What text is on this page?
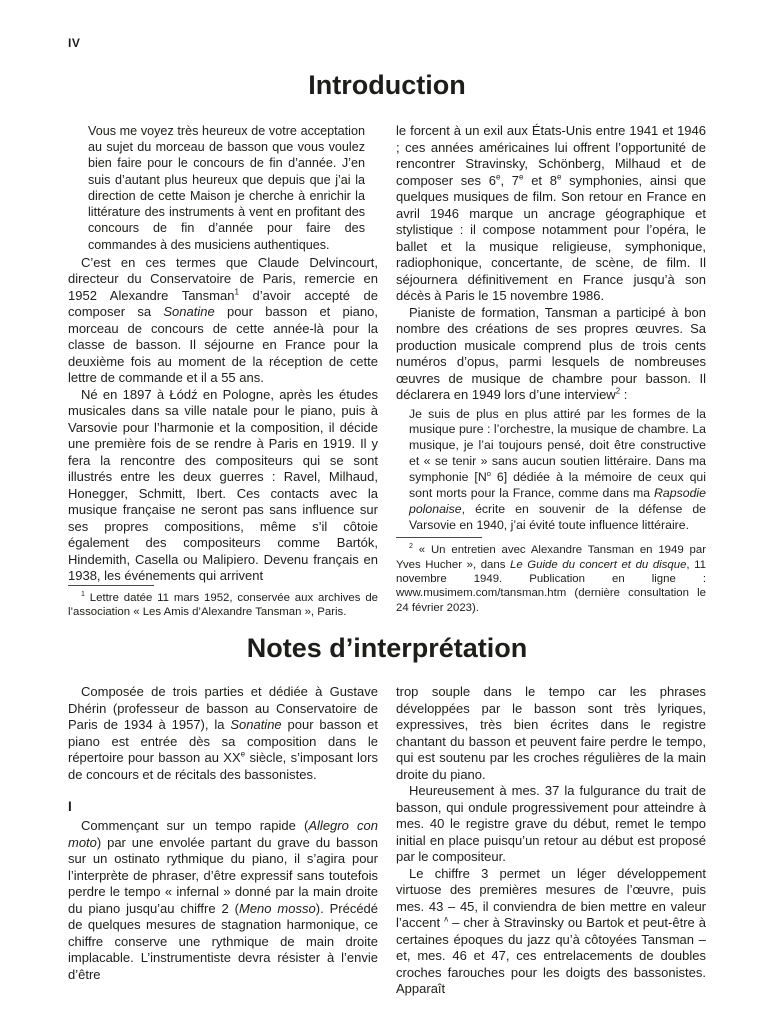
IV
Introduction
Vous me voyez très heureux de votre acceptation au sujet du morceau de basson que vous voulez bien faire pour le concours de fin d’année. J’en suis d’autant plus heureux que depuis que j’ai la direction de cette Maison je cherche à enrichir la littérature des instruments à vent en profitant des concours de fin d’année pour faire des commandes à des musiciens authentiques.

C’est en ces termes que Claude Delvincourt, directeur du Conservatoire de Paris, remercie en 1952 Alexandre Tansman$^1$ d’avoir accepté de composer sa Sonatine pour basson et piano, morceau de concours de cette année-là pour la classe de basson. Il séjourne en France pour la deuxième fois au moment de la réception de cette lettre de commande et il a 55 ans.

Né en 1897 à Łódź en Pologne, après les études musicales dans sa ville natale pour le piano, puis à Varsovie pour l’harmonie et la composition, il décide une première fois de se rendre à Paris en 1919. Il y fera la rencontre des compositeurs qui se sont illustrés entre les deux guerres : Ravel, Milhaud, Honegger, Schmitt, Ibert. Ces contacts avec la musique française ne seront pas sans influence sur ses propres compositions, même s’il côtoie également des compositeurs comme Bartók, Hindemith, Casella ou Malipiero. Devenu français en 1938, les événements qui arrivent

$^1$ Lettre datée 11 mars 1952, conservée aux archives de l’association « Les Amis d’Alexandre Tansman », Paris.

le forcent à un exil aux États-Unis entre 1941 et 1946 ; ces années américaines lui offrent l’opportunité de rencontrer Stravinsky, Schönberg, Milhaud et de composer ses 6e, 7e et 8e symphonies, ainsi que quelques musiques de film. Son retour en France en avril 1946 marque un ancrage géographique et stylistique : il compose notamment pour l’opéra, le ballet et la musique religieuse, symphonique, radiophonique, concertante, de scène, de film. Il séjournera définitivement en France jusqu’à son décès à Paris le 15 novembre 1986.

Pianiste de formation, Tansman a participé à bon nombre des créations de ses propres œuvres. Sa production musicale comprend plus de trois cents numéros d’opus, parmi lesquels de nombreuses œuvres de musique de chambre pour basson. Il déclarera en 1949 lors d’une interview$^2$ :

Je suis de plus en plus attiré par les formes de la musique pure : l’orchestre, la musique de chambre. La musique, je l’ai toujours pensé, doit être constructive et « se tenir » sans aucun soutien littéraire. Dans ma symphonie [$N^o$ 6] dédiée à la mémoire de ceux qui sont morts pour la France, comme dans ma Rapsodie polonaise, écrite en souvenir de la défense de Varsovie en 1940, j’ai évité toute influence littéraire.

$^2$ « Un entretien avec Alexandre Tansman en 1949 par Yves Hucher », dans Le Guide du concert et du disque, 11 novembre 1949. Publication en ligne : www.musimem.com/tansman.htm (dernière consultation le 24 février 2023).

Notes d’interprétation

Composée de trois parties et dédiée à Gustave Dhérin (professeur de basson au Conservatoire de Paris de 1934 à 1957), la Sonatine pour basson et piano est entrée dès sa composition dans le répertoire pour basson au XXe siècle, s’imposant lors de concours et de récitals des bassonistes.

I

Commençant sur un tempo rapide (Allegro con moto) par une envolée partant du grave du basson sur un ostinato rythmique du piano, il s’agira pour l’interprète de phraser, d’être expressif sans toutefois perdre le tempo « infernal » donné par la main droite du piano jusqu’au chiffre 2 (Meno mosso). Précédé de quelques mesures de stagnation harmonique, ce chiffre conserve une rythmique de main droite implacable. L’instrumentiste devra résister à l’envie d’être

trop souple dans le tempo car les phrases développées par le basson sont très lyriques, expressives, très bien écrites dans le registre chantant du basson et peuvent faire perdre le tempo, qui est soutenu par les croches régulières de la main droite du piano.

Heureusement à mes. 37 la fulgurance du trait de basson, qui ondule progressivement pour atteindre à mes. 40 le registre grave du début, remet le tempo initial en place puisqu’un retour au début est proposé par le compositeur.

Le chiffre 3 permet un léger développement virtuose des premières mesures de l’œuvre, puis mes. 43 – 45, il conviendra de bien mettre en valeur l’accent $^ʌ$ – cher à Stravinsky ou Bartok et peut-être à certaines époques du jazz qu’à côtoyées Tansman – et, mes. 46 et 47, ces entrelacements de doubles croches farouches pour les doigts des bassonistes. Apparaît
